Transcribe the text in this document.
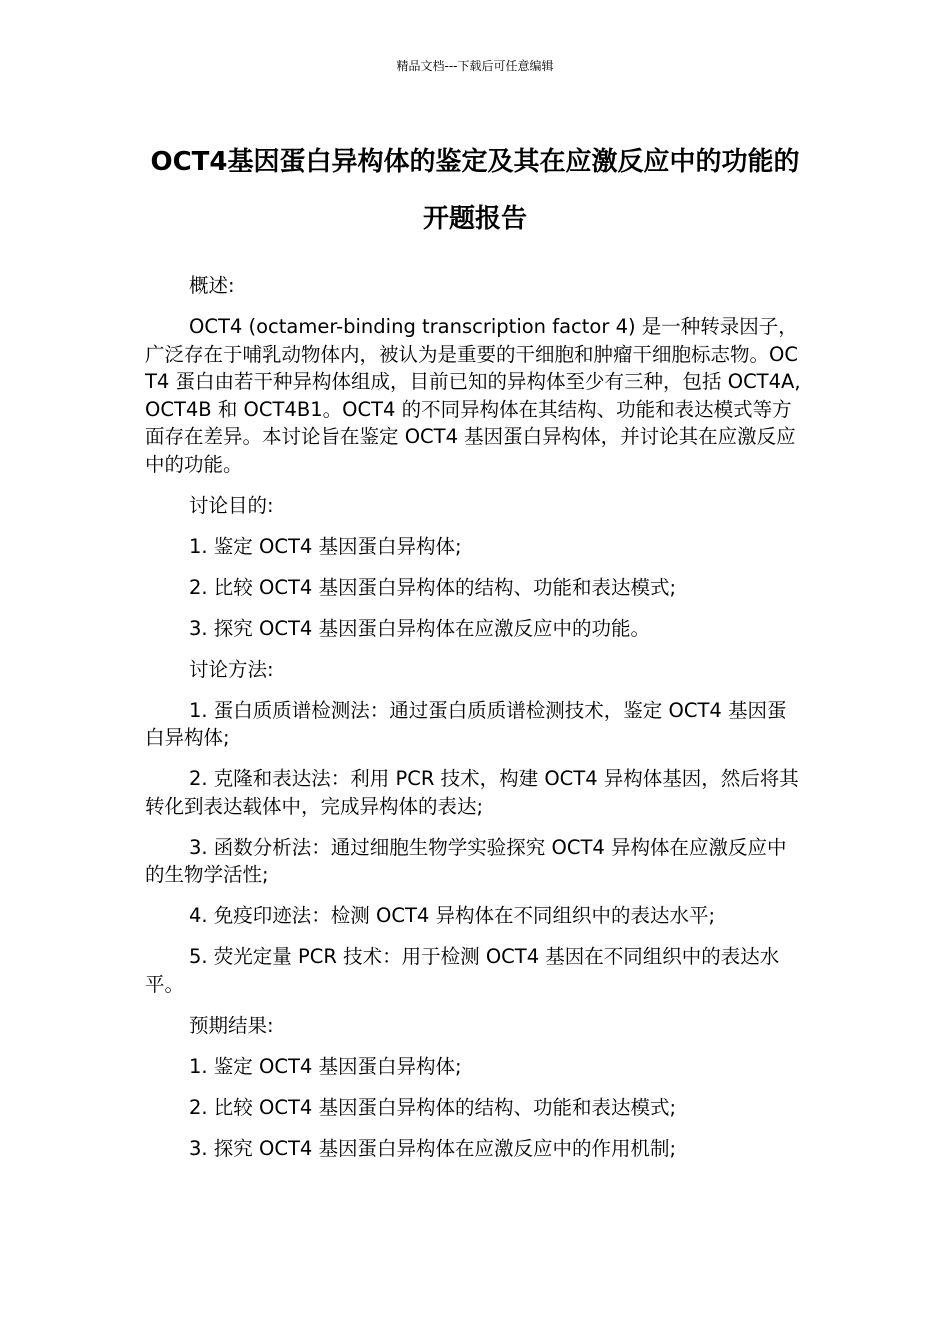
精品文档---下载后可任意编辑
OCT4基因蛋白异构体的鉴定及其在应激反应中的功能的开题报告

概述:

OCT4 (octamer-binding transcription factor 4) 是一种转录因子，广泛存在于哺乳动物体内，被认为是重要的干细胞和肿瘤干细胞标志物。OCT4 蛋白由若干种异构体组成，目前已知的异构体至少有三种，包括 OCT4A, OCT4B 和 OCT4B1。OCT4 的不同异构体在其结构、功能和表达模式等方面存在差异。本讨论旨在鉴定 OCT4 基因蛋白异构体，并讨论其在应激反应中的功能。

讨论目的:

1. 鉴定 OCT4 基因蛋白异构体;

2. 比较 OCT4 基因蛋白异构体的结构、功能和表达模式;

3. 探究 OCT4 基因蛋白异构体在应激反应中的功能。

讨论方法:

1. 蛋白质质谱检测法：通过蛋白质质谱检测技术，鉴定 OCT4 基因蛋白异构体;

2. 克隆和表达法：利用 PCR 技术，构建 OCT4 异构体基因，然后将其转化到表达载体中，完成异构体的表达;

3. 函数分析法：通过细胞生物学实验探究 OCT4 异构体在应激反应中的生物学活性;

4. 免疫印迹法：检测 OCT4 异构体在不同组织中的表达水平;

5. 荧光定量 PCR 技术：用于检测 OCT4 基因在不同组织中的表达水平。

预期结果:

1. 鉴定 OCT4 基因蛋白异构体;

2. 比较 OCT4 基因蛋白异构体的结构、功能和表达模式;

3. 探究 OCT4 基因蛋白异构体在应激反应中的作用机制;
